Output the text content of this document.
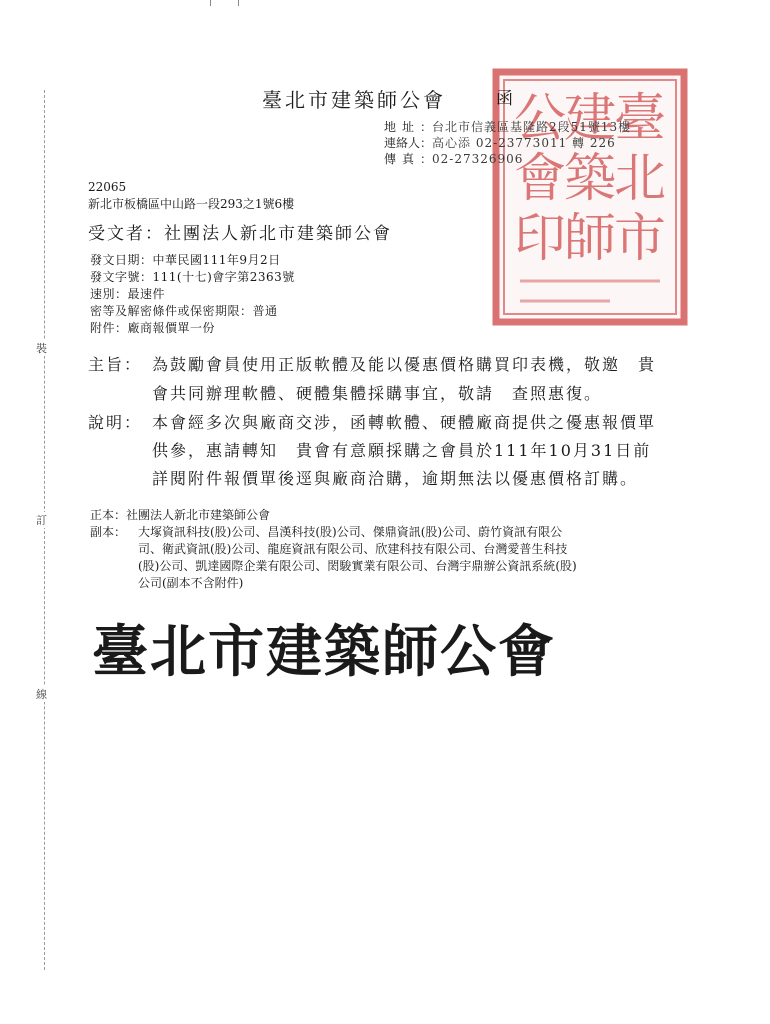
裝
訂
線
臺
北
市
建
築
師
公
會
印
臺北市建築師公會	函
地址：台北市信義區基隆路2段51號13樓
連絡人：高心添 02-23773011 轉 226
傳真：02-27326906
22065
新北市板橋區中山路一段293之1號6樓
受文者：社團法人新北市建築師公會
發文日期：中華民國111年9月2日
發文字號：111(十七)會字第2363號
速別：最速件
密等及解密條件或保密期限：普通
附件：廠商報價單一份
主旨： 為鼓勵會員使用正版軟體及能以優惠價格購買印表機，敬邀　貴
會共同辦理軟體、硬體集體採購事宜，敬請　查照惠復。
說明： 本會經多次與廠商交涉，函轉軟體、硬體廠商提供之優惠報價單
供參，惠請轉知　貴會有意願採購之會員於111年10月31日前
詳閱附件報價單後逕與廠商洽購，逾期無法以優惠價格訂購。
正本：社團法人新北市建築師公會
副本： 大塚資訊科技(股)公司、昌漢科技(股)公司、傑鼎資訊(股)公司、蔚竹資訊有限公
司、衛武資訊(股)公司、龍庭資訊有限公司、欣建科技有限公司、台灣愛普生科技
(股)公司、凱達國際企業有限公司、閎駿實業有限公司、台灣宇鼎辦公資訊系統(股)
公司(副本不含附件)
臺北市建築師公會
